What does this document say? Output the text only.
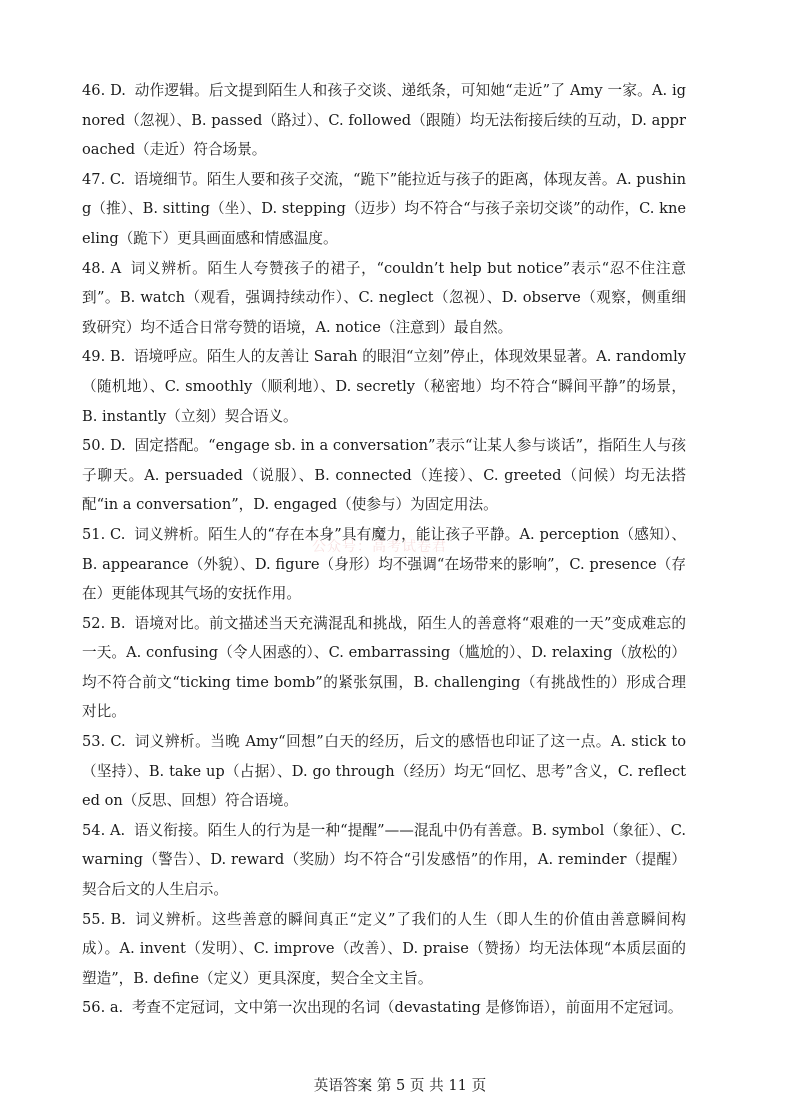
46. D. 动作逻辑。后文提到陌生人和孩子交谈、递纸条，可知她“走近”了 Amy 一家。A. ignored（忽视）、B. passed（路过）、C. followed（跟随）均无法衔接后续的互动，D. approached（走近）符合场景。

47. C. 语境细节。陌生人要和孩子交流，“跪下”能拉近与孩子的距离，体现友善。A. pushing（推）、B. sitting（坐）、D. stepping（迈步）均不符合“与孩子亲切交谈”的动作，C. kneeling（跪下）更具画面感和情感温度。

48. A 词义辨析。陌生人夸赞孩子的裙子，“couldn’t help but notice”表示“忍不住注意到”。B. watch（观看，强调持续动作）、C. neglect（忽视）、D. observe（观察，侧重细致研究）均不适合日常夸赞的语境，A. notice（注意到）最自然。

49. B. 语境呼应。陌生人的友善让 Sarah 的眼泪“立刻”停止，体现效果显著。A. randomly（随机地）、C. smoothly（顺利地）、D. secretly（秘密地）均不符合“瞬间平静”的场景，B. instantly（立刻）契合语义。

50. D. 固定搭配。“engage sb. in a conversation”表示“让某人参与谈话”，指陌生人与孩子聊天。A. persuaded（说服）、B. connected（连接）、C. greeted（问候）均无法搭配“in a conversation”，D. engaged（使参与）为固定用法。

51. C. 词义辨析。陌生人的“存在本身”具有魔力，能让孩子平静。A. perception（感知）、B. appearance（外貌）、D. figure（身形）均不强调“在场带来的影响”，C. presence（存在）更能体现其气场的安抚作用。

52. B. 语境对比。前文描述当天充满混乱和挑战，陌生人的善意将“艰难的一天”变成难忘的一天。A. confusing（令人困惑的）、C. embarrassing（尴尬的）、D. relaxing（放松的）均不符合前文“ticking time bomb”的紧张氛围，B. challenging（有挑战性的）形成合理对比。

53. C. 词义辨析。当晚 Amy“回想”白天的经历，后文的感悟也印证了这一点。A. stick to（坚持）、B. take up（占据）、D. go through（经历）均无“回忆、思考”含义，C. reflected on（反思、回想）符合语境。

54. A. 语义衔接。陌生人的行为是一种“提醒”——混乱中仍有善意。B. symbol（象征）、C. warning（警告）、D. reward（奖励）均不符合“引发感悟”的作用，A. reminder（提醒）契合后文的人生启示。

55. B. 词义辨析。这些善意的瞬间真正“定义”了我们的人生（即人生的价值由善意瞬间构成）。A. invent（发明）、C. improve（改善）、D. praise（赞扬）均无法体现“本质层面的塑造”，B. define（定义）更具深度，契合全文主旨。

56. a. 考查不定冠词，文中第一次出现的名词（devastating 是修饰语），前面用不定冠词。

公众号：高考试卷君
英语答案 第 5 页 共 11 页
